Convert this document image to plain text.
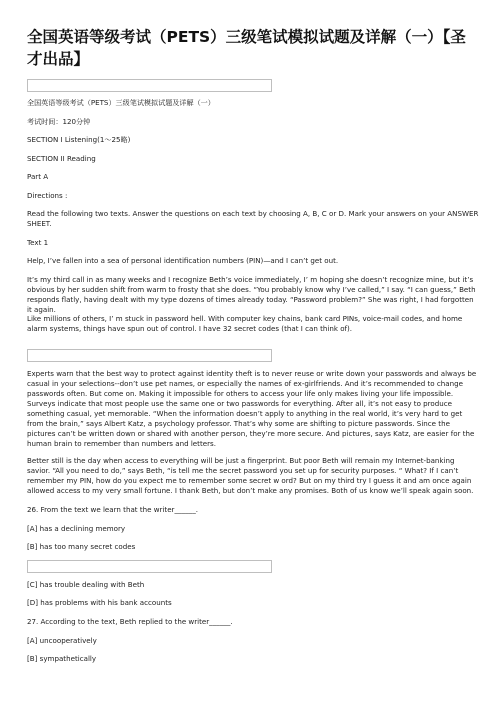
全国英语等级考试（PETS）三级笔试模拟试题及详解（一）【圣才出品】

全国英语等级考试（PETS）三级笔试模拟试题及详解（一）

考试时间：120分钟

SECTION I Listening(1〜25略)

SECTION II Reading

Part A

Directions :

Read the following two texts. Answer the questions on each text by choosing A, B, C or D. Mark your answers on your ANSWER SHEET.

Text 1

Help, I’ve fallen into a sea of personal identification numbers (PIN)—and I can’t get out.

It’s my third call in as many weeks and I recognize Beth’s voice immediately, I’ m hoping she doesn’t recognize mine, but it’s obvious by her sudden shift from warm to frosty that she does. “You probably know why I’ve called,” I say. “I can guess,” Beth responds flatly, having dealt with my type dozens of times already today. “Password problem?” She was right, I had forgotten it again.

Like millions of others, I’ m stuck in password hell. With computer key chains, bank card PINs, voice-mail codes, and home alarm systems, things have spun out of control. I have 32 secret codes (that I can think of).

Experts warn that the best way to protect against identity theft is to never reuse or write down your passwords and always be casual in your selections--don’t use pet names, or especially the names of ex-girlfriends. And it’s recommended to change passwords often. But come on. Making it impossible for others to access your life only makes living your life impossible. Surveys indicate that most people use the same one or two passwords for everything. After all, it’s not easy to produce something casual, yet memorable. “When the information doesn’t apply to anything in the real world, it’s very hard to get from the brain,” says Albert Katz, a psychology professor. That’s why some are shifting to picture passwords. Since the pictures can’t be written down or shared with another person, they’re more secure. And pictures, says Katz, are easier for the human brain to remember than numbers and letters.

Better still is the day when access to everything will be just a fingerprint. But poor Beth will remain my Internet-banking savior. “All you need to do,” says Beth, “is tell me the secret password you set up for security purposes. “ What? If I can’t remember my PIN, how do you expect me to remember some secret w ord? But on my third try I guess it and am once again allowed access to my very small fortune. I thank Beth, but don’t make any promises. Both of us know we’ll speak again soon.

26. From the text we learn that the writer______.

[A] has a declining memory

[B] has too many secret codes

[C] has trouble dealing with Beth

[D] has problems with his bank accounts

27. According to the text, Beth replied to the writer______.

[A] uncooperatively

[B] sympathetically
